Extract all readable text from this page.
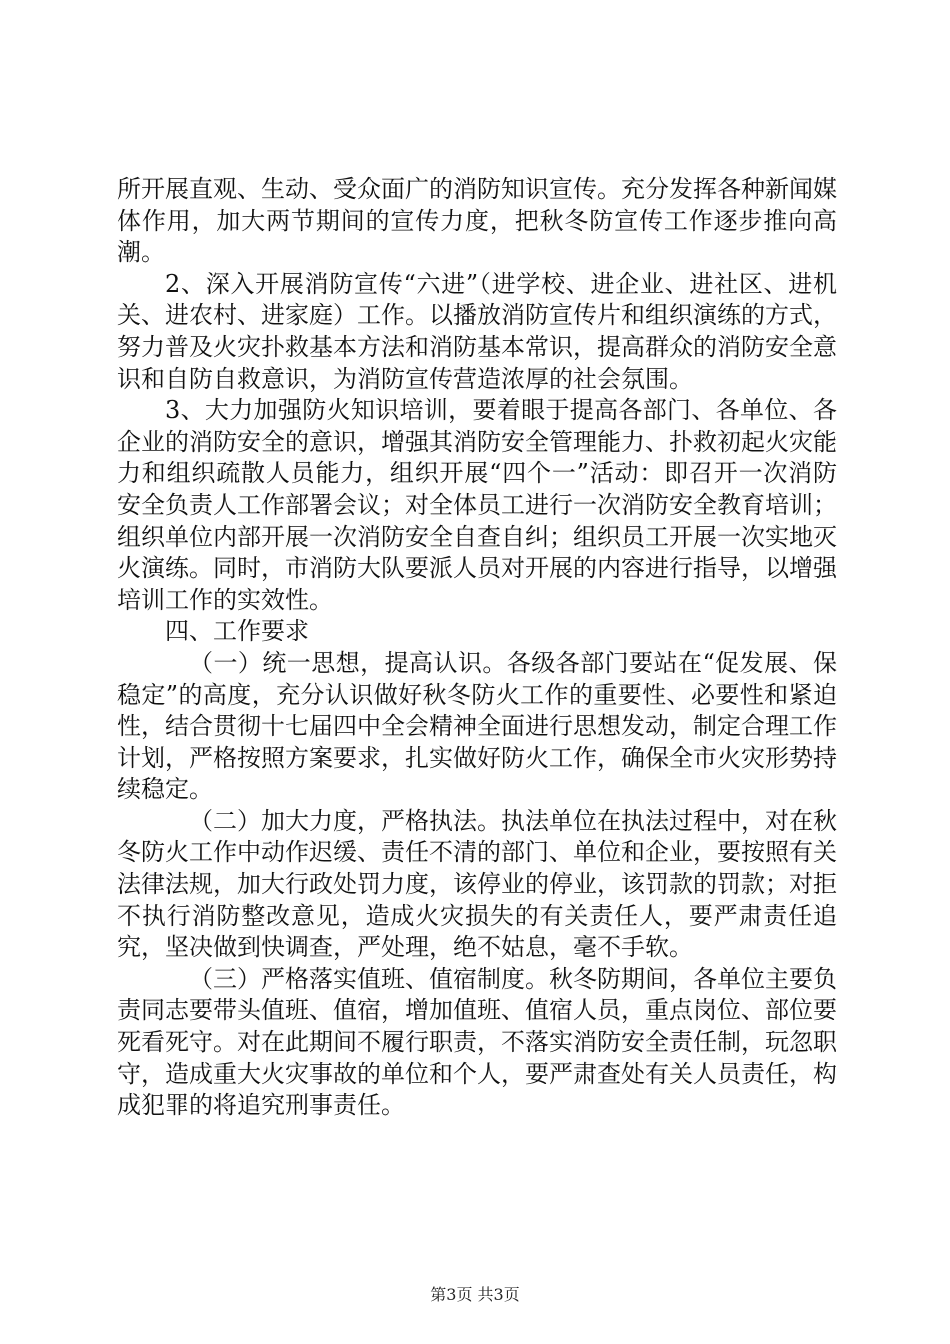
所开展直观、生动、受众面广的消防知识宣传。充分发挥各种新闻媒体作用，加大两节期间的宣传力度，把秋冬防宣传工作逐步推向高潮。

2、深入开展消防宣传“六进”（进学校、进企业、进社区、进机关、进农村、进家庭）工作。以播放消防宣传片和组织演练的方式，努力普及火灾扑救基本方法和消防基本常识，提高群众的消防安全意识和自防自救意识，为消防宣传营造浓厚的社会氛围。

3、大力加强防火知识培训，要着眼于提高各部门、各单位、各企业的消防安全的意识，增强其消防安全管理能力、扑救初起火灾能力和组织疏散人员能力，组织开展“四个一”活动：即召开一次消防安全负责人工作部署会议；对全体员工进行一次消防安全教育培训；组织单位内部开展一次消防安全自查自纠；组织员工开展一次实地灭火演练。同时，市消防大队要派人员对开展的内容进行指导，以增强培训工作的实效性。

四、工作要求

（一）统一思想，提高认识。各级各部门要站在“促发展、保稳定”的高度，充分认识做好秋冬防火工作的重要性、必要性和紧迫性，结合贯彻十七届四中全会精神全面进行思想发动，制定合理工作计划，严格按照方案要求，扎实做好防火工作，确保全市火灾形势持续稳定。

（二）加大力度，严格执法。执法单位在执法过程中，对在秋冬防火工作中动作迟缓、责任不清的部门、单位和企业，要按照有关法律法规，加大行政处罚力度，该停业的停业，该罚款的罚款；对拒不执行消防整改意见，造成火灾损失的有关责任人，要严肃责任追究，坚决做到快调查，严处理，绝不姑息，毫不手软。

（三）严格落实值班、值宿制度。秋冬防期间，各单位主要负责同志要带头值班、值宿，增加值班、值宿人员，重点岗位、部位要死看死守。对在此期间不履行职责，不落实消防安全责任制，玩忽职守，造成重大火灾事故的单位和个人，要严肃查处有关人员责任，构成犯罪的将追究刑事责任。

第3页 共3页
